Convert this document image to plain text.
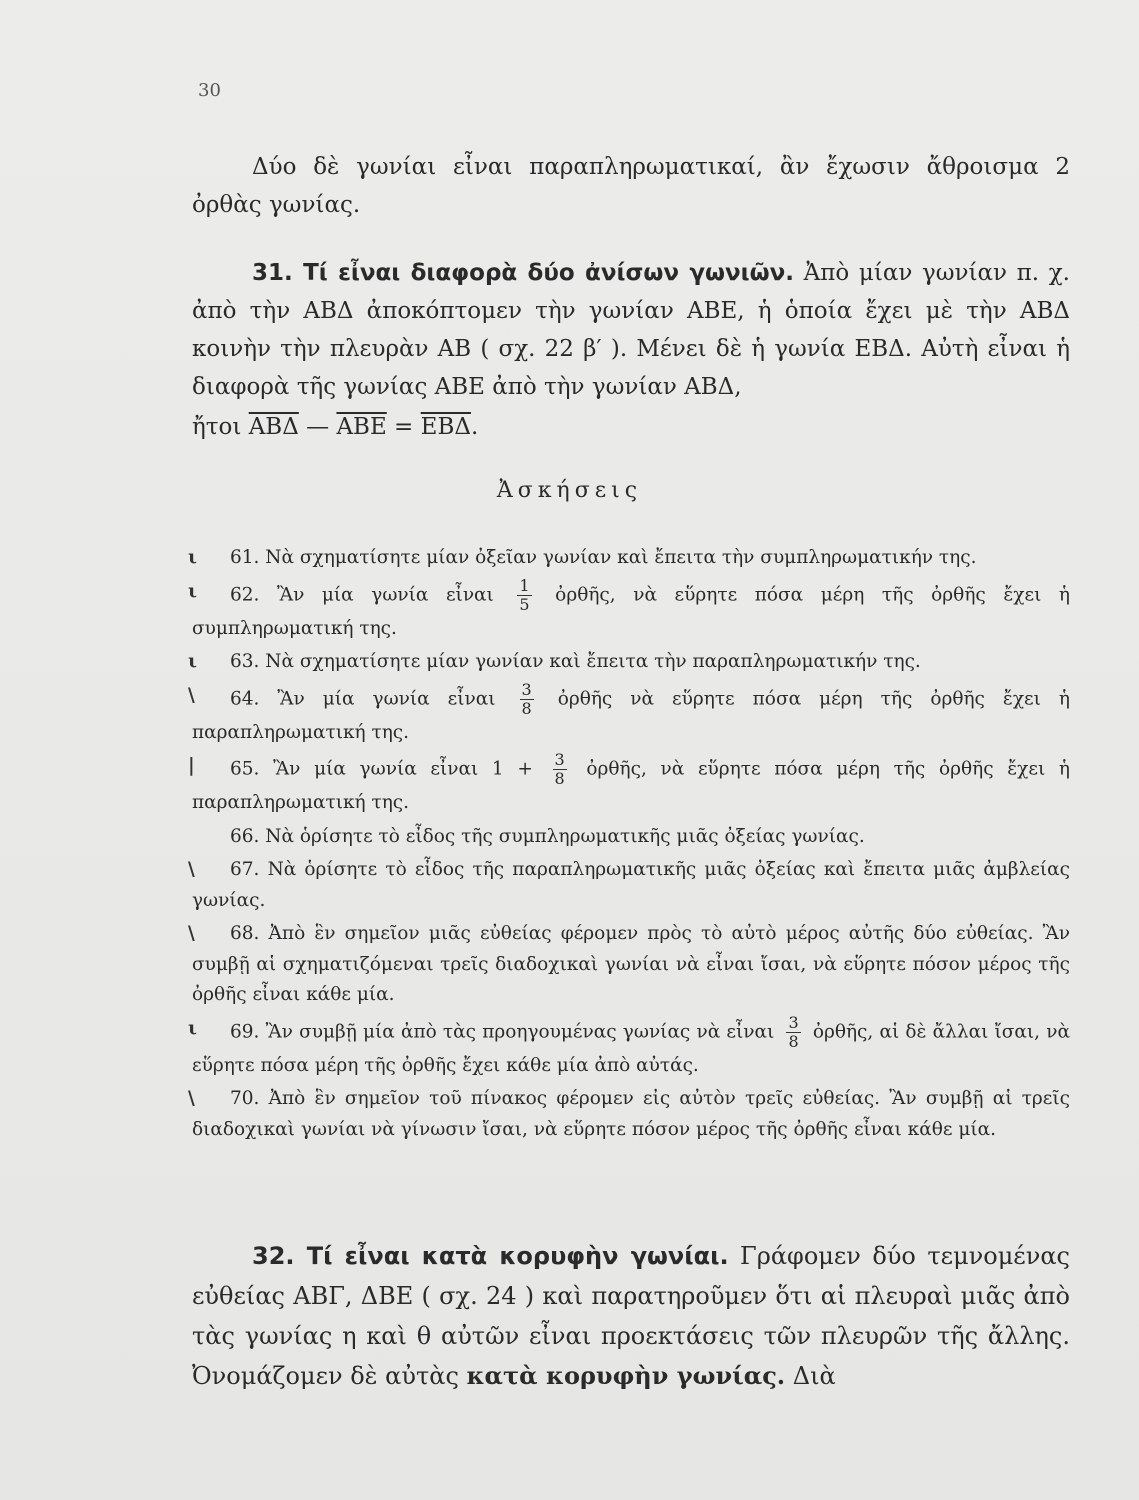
30

Δύο δὲ γωνίαι εἶναι παραπληρωματικαί, ἂν ἔχωσιν ἄθροισμα 2 ὀρθὰς γωνίας.

31. Τί εἶναι διαφορὰ δύο ἀνίσων γωνιῶν. Ἀπὸ μίαν γωνίαν π. χ. ἀπὸ τὴν ΑΒΔ ἀποκόπτομεν τὴν γωνίαν ΑΒΕ, ἡ ὁποία ἔχει μὲ τὴν ΑΒΔ κοινὴν τὴν πλευρὰν ΑΒ ( σχ. 22 β′ ). Μένει δὲ ἡ γωνία ΕΒΔ. Αὐτὴ εἶναι ἡ διαφορὰ τῆς γωνίας ΑΒΕ ἀπὸ τὴν γωνίαν ΑΒΔ,

ἤτοι $\overline{AB\Delta}$ — $\overline{ABE} = \overline{EB\Delta}$.

Ἀσκήσεις

ι 61. Νὰ σχηματίσητε μίαν ὀξεῖαν γωνίαν καὶ ἔπειτα τὴν συμπληρωματικήν της.

ι 62. Ἂν μία γωνία εἶναι $\frac{1}{5}$ ὀρθῆς, νὰ εὕρητε πόσα μέρη τῆς ὀρθῆς ἔχει ἡ συμπληρωματική της.

ι 63. Νὰ σχηματίσητε μίαν γωνίαν καὶ ἔπειτα τὴν παραπληρωματικήν της.

\ 64. Ἂν μία γωνία εἶναι $\frac{3}{8}$ ὀρθῆς νὰ εὕρητε πόσα μέρη τῆς ὀρθῆς ἔχει ἡ παραπληρωματική της.

| 65. Ἂν μία γωνία εἶναι $1 + \frac{3}{8}$ ὀρθῆς, νὰ εὕρητε πόσα μέρη τῆς ὀρθῆς ἔχει ἡ παραπληρωματική της.

66. Νὰ ὁρίσητε τὸ εἶδος τῆς συμπληρωματικῆς μιᾶς ὀξείας γωνίας.

\ 67. Νὰ ὁρίσητε τὸ εἶδος τῆς παραπληρωματικῆς μιᾶς ὀξείας καὶ ἔπειτα μιᾶς ἀμβλείας γωνίας.

\ 68. Ἀπὸ ἓν σημεῖον μιᾶς εὐθείας φέρομεν πρὸς τὸ αὐτὸ μέρος αὐτῆς δύο εὐθείας. Ἂν συμβῇ αἱ σχηματιζόμεναι τρεῖς διαδοχικαὶ γωνίαι νὰ εἶναι ἴσαι, νὰ εὕρητε πόσον μέρος τῆς ὀρθῆς εἶναι κάθε μία.

ι 69. Ἂν συμβῇ μία ἀπὸ τὰς προηγουμένας γωνίας νὰ εἶναι $\frac{3}{8}$ ὀρθῆς, αἱ δὲ ἄλλαι ἴσαι, νὰ εὕρητε πόσα μέρη τῆς ὀρθῆς ἔχει κάθε μία ἀπὸ αὐτάς.

\ 70. Ἀπὸ ἓν σημεῖον τοῦ πίνακος φέρομεν εἰς αὐτὸν τρεῖς εὐθείας. Ἂν συμβῇ αἱ τρεῖς διαδοχικαὶ γωνίαι νὰ γίνωσιν ἴσαι, νὰ εὕρητε πόσον μέρος τῆς ὀρθῆς εἶναι κάθε μία.

32. Τί εἶναι κατὰ κορυφὴν γωνίαι. Γράφομεν δύο τεμνομένας εὐθείας ΑΒΓ, ΔΒΕ ( σχ. 24 ) καὶ παρατηροῦμεν ὅτι αἱ πλευραὶ μιᾶς ἀπὸ τὰς γωνίας η καὶ θ αὐτῶν εἶναι προεκτάσεις τῶν πλευρῶν τῆς ἄλλης. Ὀνομάζομεν δὲ αὐτὰς κατὰ κορυφὴν γωνίας. Διὰ
